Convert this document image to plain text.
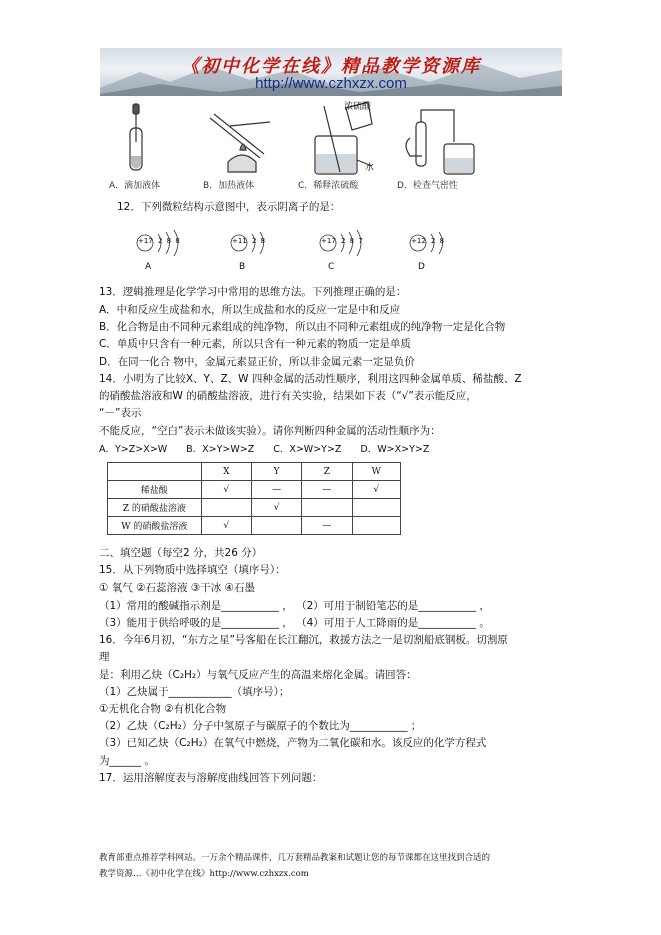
《初中化学在线》精品教学资源库
http://www.czhxzx.com
浓硫酸
水
A．滴加液体	B．加热液体	C．稀释浓硫酸	D．检查气密性
12．下列微粒结构示意图中，表示阴离子的是：
+17 2 8 8
A
+11 2 8
B
+17 2 8 7
C
+12 2 8
D
13．逻辑推理是化学学习中常用的思维方法。下列推理正确的是：
A．中和反应生成盐和水，所以生成盐和水的反应一定是中和反应
B．化合物是由不同种元素组成的纯净物，所以由不同种元素组成的纯净物一定是化合物
C．单质中只含有一种元素，所以只含有一种元素的物质一定是单质
D．在同一化合 物中，金属元素显正价，所以非金属元素一定显负价
14．小明为了比较X、Y、Z、W 四种金属的活动性顺序，利用这四种金属单质、稀盐酸、Z
的硝酸盐溶液和W 的硝酸盐溶液，进行有关实验，结果如下表（“√”表示能反应，
“－”表示
不能反应，“空白”表示未做该实验）。请你判断四种金属的活动性顺序为：
A．Y>Z>X>W　　B．X>Y>W>Z　　C．X>W>Y>Z　　D．W>X>Y>Z
	X	Y	Z	W
稀盐酸	√	—	—	√
Z 的硝酸盐溶液		√		
W 的硝酸盐溶液	√		—	
二、填空题（每空2 分，共26 分）
15．从下列物质中选择填空（填序号）：
① 氧气 ②石蕊溶液 ③干冰 ④石墨
（1）常用的酸碱指示剂是___________ ， （2）可用于制铅笔芯的是___________ ，
（3）能用于供给呼吸的是___________ ， （4）可用于人工降雨的是___________ 。
16．今年6月初，“东方之星”号客船在长江翻沉，救援方法之一是切割船底钢板。切割原
理
是：利用乙炔（C₂H₂）与氧气反应产生的高温来熔化金属。请回答：
（1）乙炔属于____________（填序号）；
①无机化合物 ②有机化合物
（2）乙炔（C₂H₂）分子中氢原子与碳原子的个数比为___________ ；
（3）已知乙炔（C₂H₂）在氧气中燃烧，产物为二氧化碳和水。该反应的化学方程式
为______ 。
17．运用溶解度表与溶解度曲线回答下列问题：
教育部重点推荐学科网站。一万余个精品课件，几万套精品教案和试题让您的每节课都在这里找到合适的
教学资源…《初中化学在线》http://www.czhxzx.com
